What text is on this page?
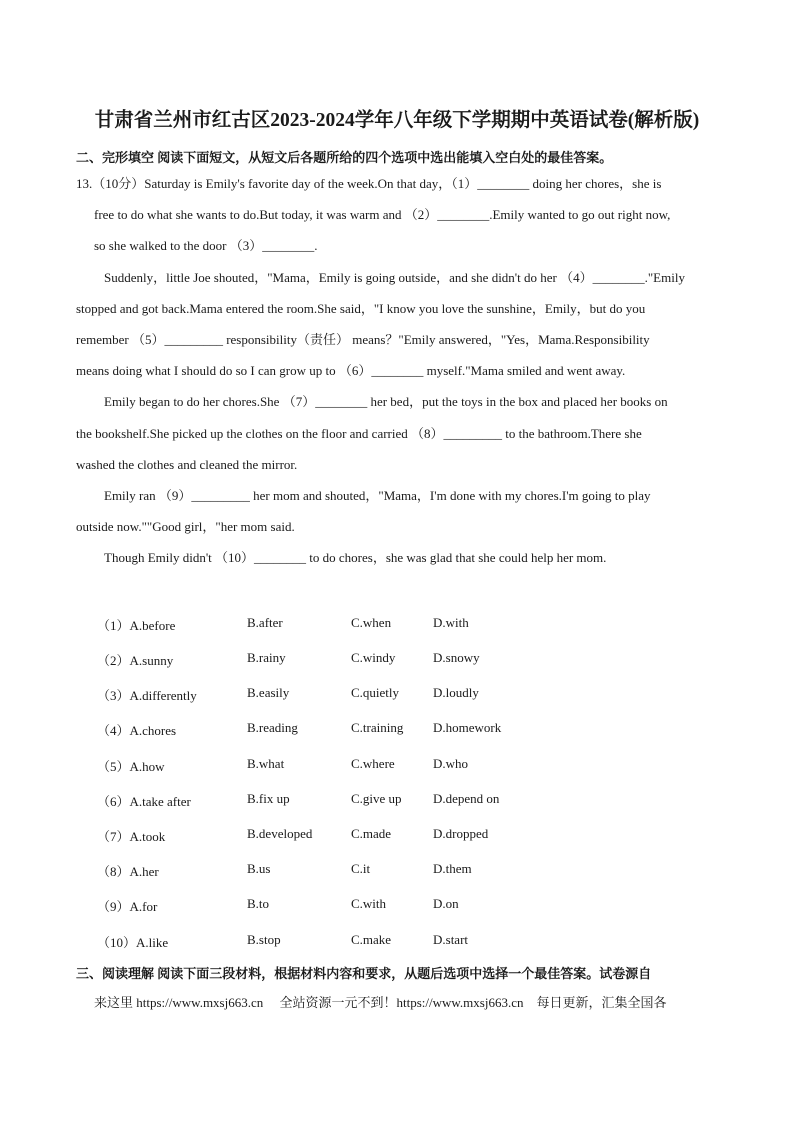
甘肃省兰州市红古区2023-2024学年八年级下学期期中英语试卷(解析版)
二、完形填空 阅读下面短文，从短文后各题所给的四个选项中选出能填入空白处的最佳答案。
13.（10分）Saturday is Emily's favorite day of the week.On that day，（1）________ doing her chores，she is
free to do what she wants to do.But today, it was warm and （2）________.Emily wanted to go out right now,
so she walked to the door （3）________.
Suddenly，little Joe shouted，"Mama，Emily is going outside，and she didn't do her （4）________."Emily
stopped and got back.Mama entered the room.She said，"I know you love the sunshine，Emily，but do you
remember （5）_________ responsibility（责任） means？"Emily answered，"Yes，Mama.Responsibility
means doing what I should do so I can grow up to （6）________ myself."Mama smiled and went away.
Emily began to do her chores.She （7）________ her bed，put the toys in the box and placed her books on
the bookshelf.She picked up the clothes on the floor and carried （8）_________ to the bathroom.There she
washed the clothes and cleaned the mirror.
Emily ran （9）_________ her mom and shouted，"Mama，I'm done with my chores.I'm going to play
outside now.""Good girl，"her mom said.
Though Emily didn't （10）________ to do chores，she was glad that she could help her mom.
（1）A.before	B.after	C.when	D.with
（2）A.sunny	B.rainy	C.windy	D.snowy
（3）A.differently	B.easily	C.quietly	D.loudly
（4）A.chores	B.reading	C.training D.homework
（5）A.how	B.what	C.where	D.who
（6）A.take after	B.fix up	C.give up D.depend on
（7）A.took	B.developed	C.made	D.dropped
（8）A.her	B.us	C.it	D.them
（9）A.for	B.to	C.with	D.on
（10）A.like	B.stop	C.make	D.start
三、阅读理解 阅读下面三段材料，根据材料内容和要求，从题后选项中选择一个最佳答案。试卷源自
来这里 https://www.mxsj663.cn　 全站资源一元不到！https://www.mxsj663.cn　每日更新，汇集全国各
